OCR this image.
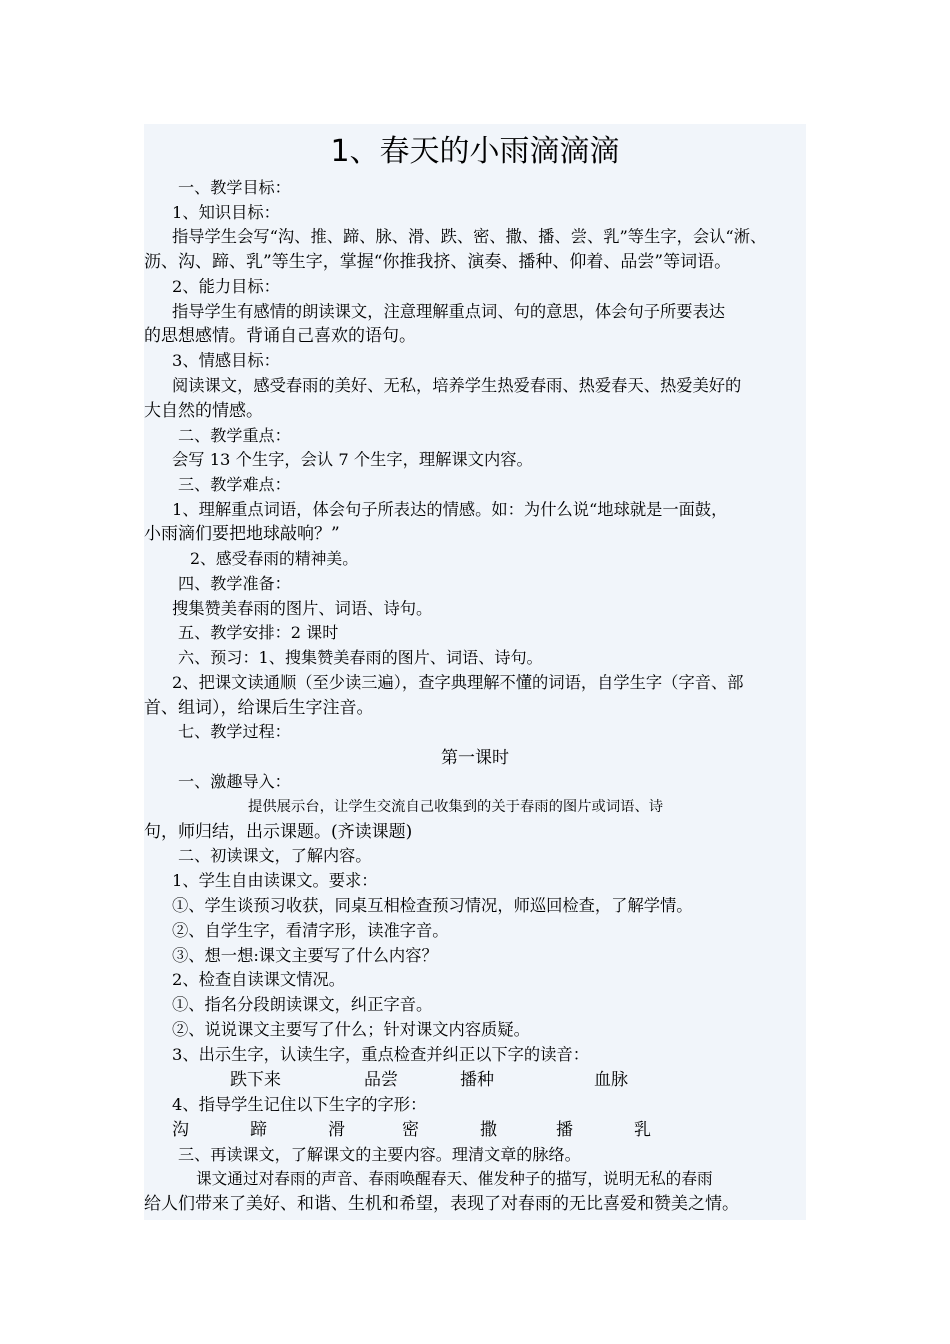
1、春天的小雨滴滴滴
一、教学目标：
1、知识目标：
指导学生会写“沟、推、蹄、脉、滑、跌、密、撒、播、尝、乳”等生字，会认“淅、
沥、沟、蹄、乳”等生字，掌握“你推我挤、演奏、播种、仰着、品尝”等词语。
2、能力目标：
指导学生有感情的朗读课文，注意理解重点词、句的意思，体会句子所要表达
的思想感情。背诵自己喜欢的语句。
3、情感目标：
阅读课文，感受春雨的美好、无私，培养学生热爱春雨、热爱春天、热爱美好的
大自然的情感。
二、教学重点：
会写 13 个生字，会认 7 个生字，理解课文内容。
三、教学难点：
1、理解重点词语，体会句子所表达的情感。如：为什么说“地球就是一面鼓，
小雨滴们要把地球敲响？”
2、感受春雨的精神美。
四、教学准备：
搜集赞美春雨的图片、词语、诗句。
五、教学安排：2 课时
六、预习：1、搜集赞美春雨的图片、词语、诗句。
2、把课文读通顺（至少读三遍），查字典理解不懂的词语，自学生字（字音、部
首、组词），给课后生字注音。
七、教学过程：
第一课时
一、激趣导入：
提供展示台，让学生交流自己收集到的关于春雨的图片或词语、诗
句，师归结，出示课题。(齐读课题)
二、初读课文，了解内容。
1、学生自由读课文。要求：
①、学生谈预习收获，同桌互相检查预习情况，师巡回检查，了解学情。
②、自学生字，看清字形，读准字音。
③、想一想:课文主要写了什么内容？
2、检查自读课文情况。
①、指名分段朗读课文，纠正字音。
②、说说课文主要写了什么；针对课文内容质疑。
3、出示生字，认读生字，重点检查并纠正以下字的读音：
跌下来	品尝	播种	血脉
4、指导学生记住以下生字的字形：
沟	蹄	滑	密	撒	播	乳
三、再读课文，了解课文的主要内容。理清文章的脉络。
课文通过对春雨的声音、春雨唤醒春天、催发种子的描写，说明无私的春雨
给人们带来了美好、和谐、生机和希望，表现了对春雨的无比喜爱和赞美之情。
